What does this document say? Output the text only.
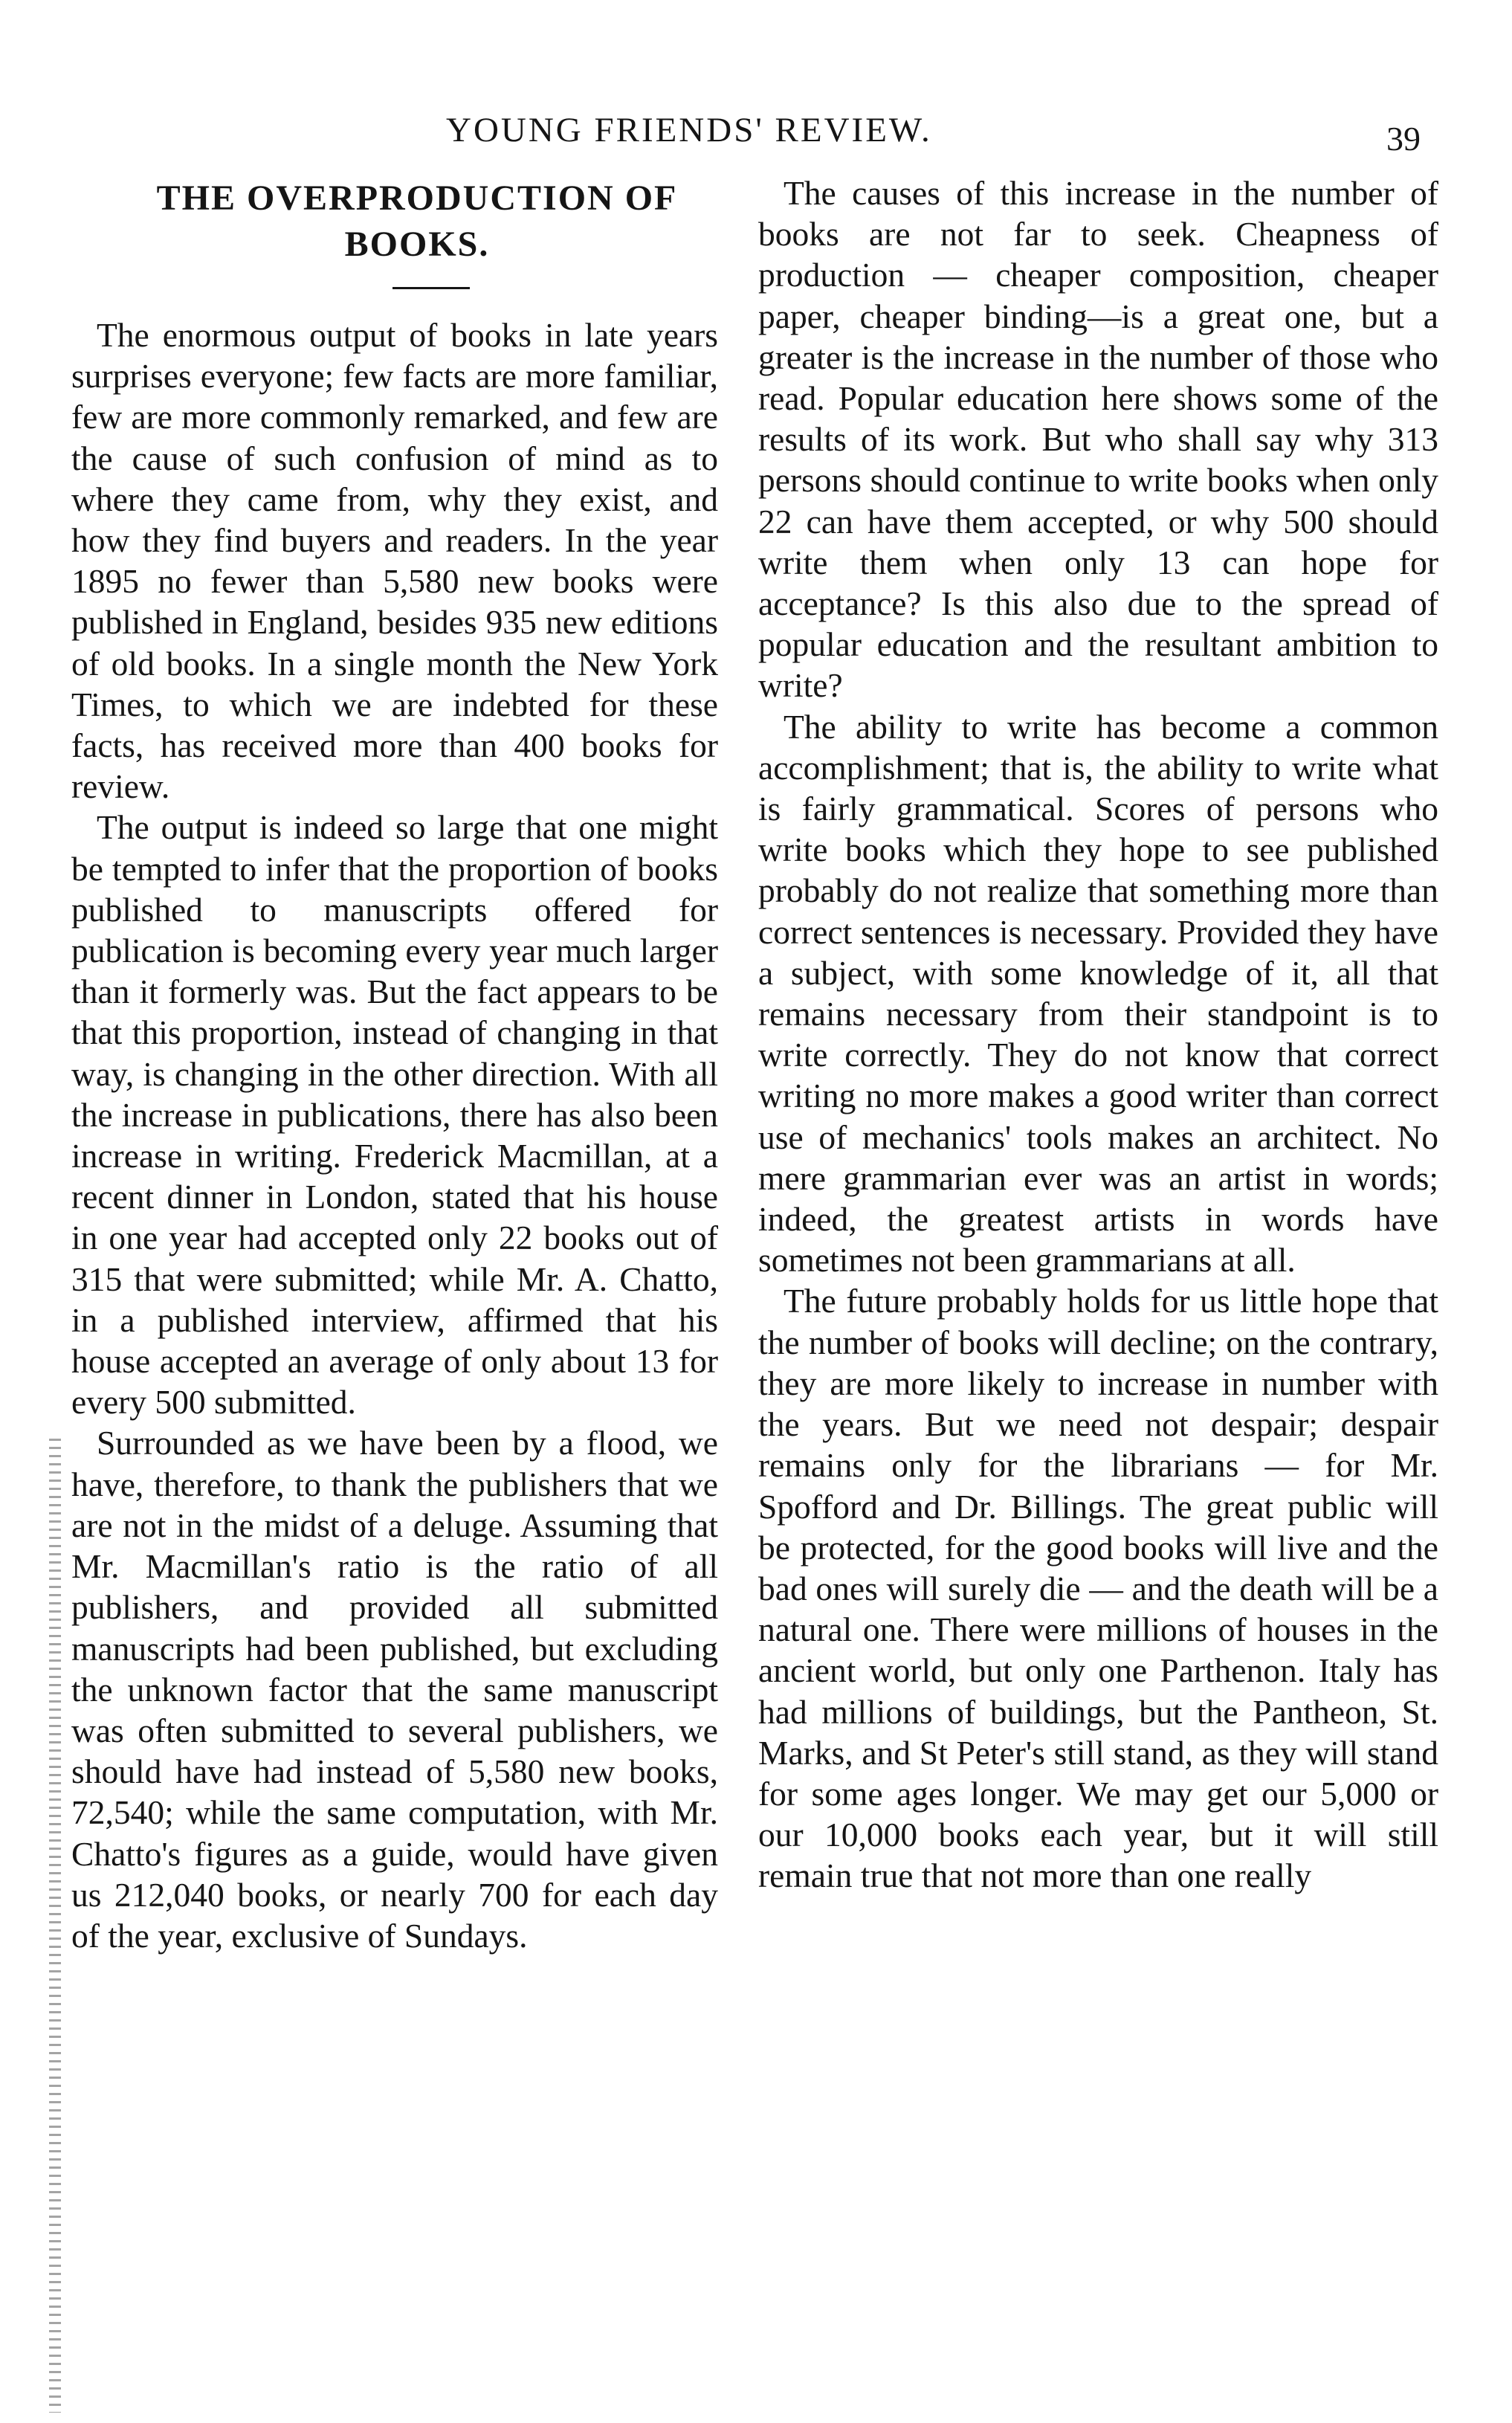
YOUNG FRIENDS' REVIEW.	39
THE OVERPRODUCTION OF BOOKS.

The enormous output of books in late years surprises everyone; few facts are more familiar, few are more commonly remarked, and few are the cause of such confusion of mind as to where they came from, why they exist, and how they find buyers and readers. In the year 1895 no fewer than 5,580 new books were published in England, besides 935 new editions of old books. In a single month the New York Times, to which we are indebted for these facts, has received more than 400 books for review.

The output is indeed so large that one might be tempted to infer that the proportion of books published to manuscripts offered for publication is becoming every year much larger than it formerly was. But the fact appears to be that this proportion, instead of changing in that way, is changing in the other direction. With all the increase in publications, there has also been increase in writing. Frederick Macmillan, at a recent dinner in London, stated that his house in one year had accepted only 22 books out of 315 that were submitted; while Mr. A. Chatto, in a published interview, affirmed that his house accepted an average of only about 13 for every 500 submitted.

Surrounded as we have been by a flood, we have, therefore, to thank the publishers that we are not in the midst of a deluge. Assuming that Mr. Macmillan's ratio is the ratio of all publishers, and provided all submitted manuscripts had been published, but excluding the unknown factor that the same manuscript was often submitted to several publishers, we should have had instead of 5,580 new books, 72,540; while the same computation, with Mr. Chatto's figures as a guide, would have given us 212,040 books, or nearly 700 for each day of the year, exclusive of Sundays.

The causes of this increase in the number of books are not far to seek. Cheapness of production — cheaper composition, cheaper paper, cheaper binding—is a great one, but a greater is the increase in the number of those who read. Popular education here shows some of the results of its work. But who shall say why 313 persons should continue to write books when only 22 can have them accepted, or why 500 should write them when only 13 can hope for acceptance? Is this also due to the spread of popular education and the resultant ambition to write?

The ability to write has become a common accomplishment; that is, the ability to write what is fairly grammatical. Scores of persons who write books which they hope to see published probably do not realize that something more than correct sentences is necessary. Provided they have a subject, with some knowledge of it, all that remains necessary from their standpoint is to write correctly. They do not know that correct writing no more makes a good writer than correct use of mechanics' tools makes an architect. No mere grammarian ever was an artist in words; indeed, the greatest artists in words have sometimes not been grammarians at all.

The future probably holds for us little hope that the number of books will decline; on the contrary, they are more likely to increase in number with the years. But we need not despair; despair remains only for the librarians — for Mr. Spofford and Dr. Billings. The great public will be protected, for the good books will live and the bad ones will surely die — and the death will be a natural one. There were millions of houses in the ancient world, but only one Parthenon. Italy has had millions of buildings, but the Pantheon, St. Marks, and St Peter's still stand, as they will stand for some ages longer. We may get our 5,000 or our 10,000 books each year, but it will still remain true that not more than one really
